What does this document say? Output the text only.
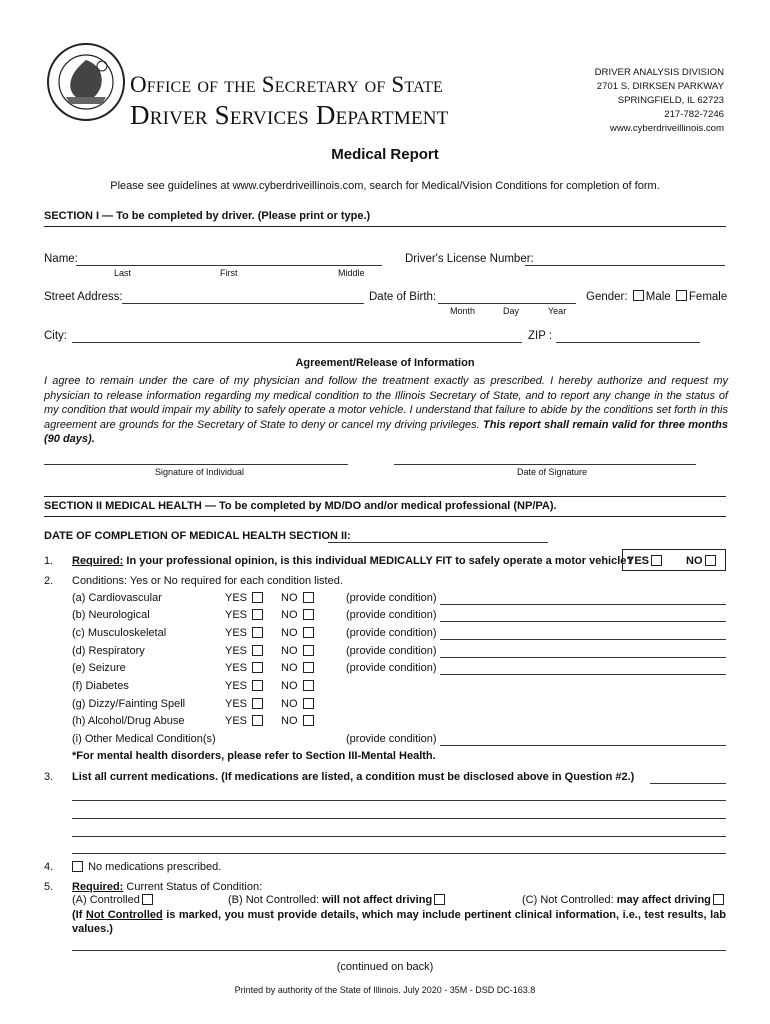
Office of the Secretary of State
Driver Services Department
DRIVER ANALYSIS DIVISION
2701 S. DIRKSEN PARKWAY
SPRINGFIELD, IL 62723
217-782-7246
www.cyberdriveillinois.com
Medical Report
Please see guidelines at www.cyberdriveillinois.com, search for Medical/Vision Conditions for completion of form.
SECTION I — To be completed by driver. (Please print or type.)
Name:
Last	First	Middle
Driver's License Number:
Street Address:	Date of Birth:
Month	Day	Year
Gender: Male Female
City:	ZIP :
Agreement/Release of Information
I agree to remain under the care of my physician and follow the treatment exactly as prescribed. I hereby authorize and request my physician to release information regarding my medical condition to the Illinois Secretary of State, and to report any change in the status of my condition that would impair my ability to safely operate a motor vehicle. I understand that failure to abide by the conditions set forth in this agreement are grounds for the Secretary of State to deny or cancel my driving privileges. This report shall remain valid for three months (90 days).
Signature of Individual	Date of Signature
SECTION II MEDICAL HEALTH — To be completed by MD/DO and/or medical professional (NP/PA).
DATE OF COMPLETION OF MEDICAL HEALTH SECTION II:
1. Required: In your professional opinion, is this individual MEDICALLY FIT to safely operate a motor vehicle?
YES	NO
2. Conditions: Yes or No required for each condition listed.
(a) Cardiovascular	YES	NO	(provide condition)
(b) Neurological	YES	NO	(provide condition)
(c) Musculoskeletal	YES	NO	(provide condition)
(d) Respiratory	YES	NO	(provide condition)
(e) Seizure	YES	NO	(provide condition)
(f) Diabetes	YES	NO
(g) Dizzy/Fainting Spell	YES	NO
(h) Alcohol/Drug Abuse	YES	NO
(i) Other Medical Condition(s)	(provide condition)
*For mental health disorders, please refer to Section III-Mental Health.
3. List all current medications. (If medications are listed, a condition must be disclosed above in Question #2.)
4.	No medications prescribed.
5. Required: Current Status of Condition:
(A) Controlled	(B) Not Controlled: will not affect driving	(C) Not Controlled: may affect driving
(If Not Controlled is marked, you must provide details, which may include pertinent clinical information, i.e., test results, lab values.)
(continued on back)
Printed by authority of the State of Illinois. July 2020 - 35M - DSD DC-163.8
